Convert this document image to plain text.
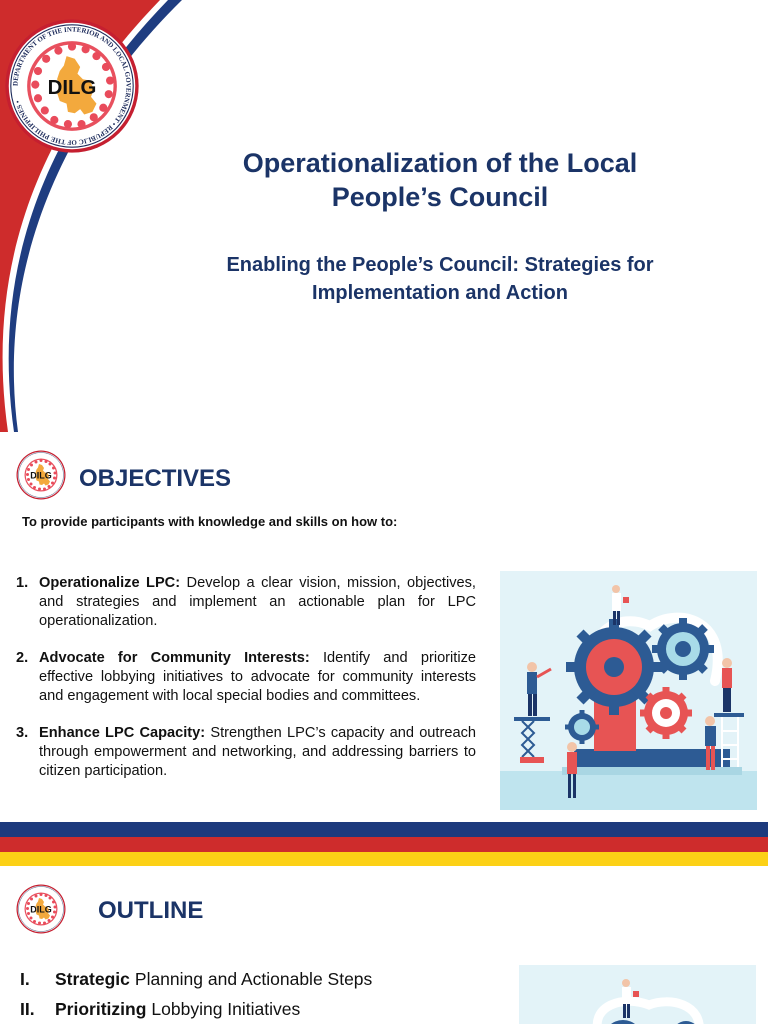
DEPARTMENT OF THE INTERIOR AND LOCAL GOVERNMENT • REPUBLIC OF THE PHILIPPINES •
DILG
Operationalization of the Local People’s Council
Enabling the People’s Council: Strategies for Implementation and Action
DILG OBJECTIVES
To provide participants with knowledge and skills on how to:
1. Operationalize LPC: Develop a clear vision, mission, objectives, and strategies and implement an actionable plan for LPC operationalization.
2. Advocate for Community Interests: Identify and prioritize effective lobbying initiatives to advocate for community interests and engagement with local special bodies and committees.
3. Enhance LPC Capacity: Strengthen LPC’s capacity and outreach through empowerment and networking, and addressing barriers to citizen participation.
DILG OUTLINE
I.	Strategic Planning and Actionable Steps
II.	Prioritizing Lobbying Initiatives
